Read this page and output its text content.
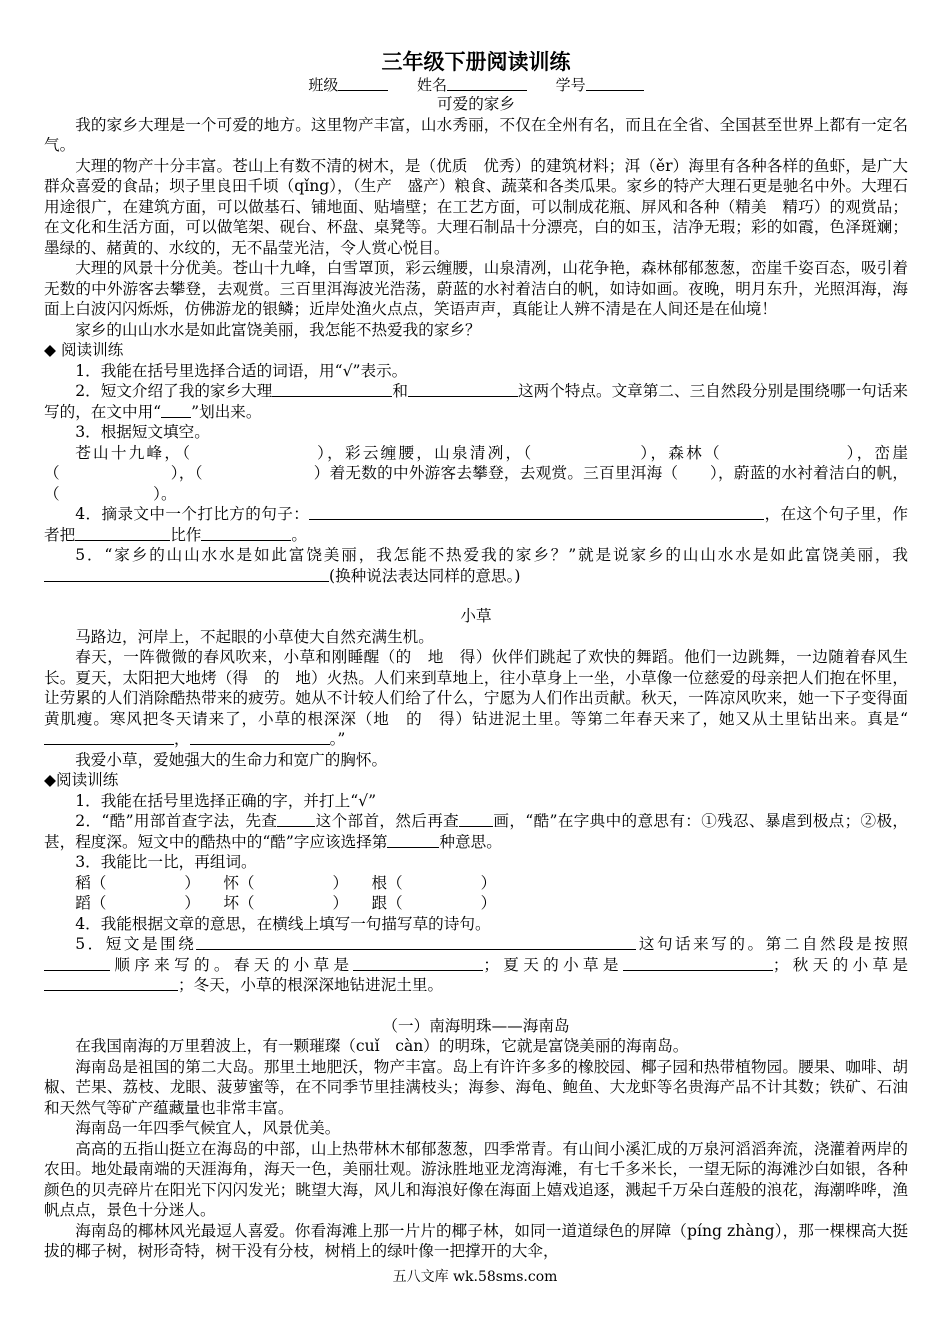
三年级下册阅读训练

班级	姓名	学号

可爱的家乡

我的家乡大理是一个可爱的地方。这里物产丰富，山水秀丽，不仅在全州有名，而且在全省、全国甚至世界上都有一定名气。

大理的物产十分丰富。苍山上有数不清的树木，是（优质　优秀）的建筑材料；洱（ěr）海里有各种各样的鱼虾，是广大群众喜爱的食品；坝子里良田千顷（qǐng），（生产　盛产）粮食、蔬菜和各类瓜果。家乡的特产大理石更是驰名中外。大理石用途很广，在建筑方面，可以做基石、铺地面、贴墙壁；在工艺方面，可以制成花瓶、屏风和各种（精美　精巧）的观赏品；在文化和生活方面，可以做笔架、砚台、杯盘、桌凳等。大理石制品十分漂亮，白的如玉，洁净无瑕；彩的如霞，色泽斑斓；墨绿的、赭黄的、水纹的，无不晶莹光洁，令人赏心悦目。

大理的风景十分优美。苍山十九峰，白雪罩顶，彩云缠腰，山泉清冽，山花争艳，森林郁郁葱葱，峦崖千姿百态，吸引着无数的中外游客去攀登，去观赏。三百里洱海波光浩荡，蔚蓝的水衬着洁白的帆，如诗如画。夜晚，明月东升，光照洱海，海面上白波闪闪烁烁，仿佛游龙的银鳞；近岸处渔火点点，笑语声声，真能让人辨不清是在人间还是在仙境！

家乡的山山水水是如此富饶美丽，我怎能不热爱我的家乡？

◆ 阅读训练

1．我能在括号里选择合适的词语，用“√”表示。

2．短文介绍了我的家乡大理	和	这两个特点。文章第二、三自然段分别是围绕哪一句话来写的，在文中用“ ”划出来。

3．根据短文填空。

苍山十九峰，（　　　　　　　），彩云缠腰，山泉清冽，（　　　　　　），森林（　　　　　　　），峦崖（　　　　　　　），（　　　　　　　）着无数的中外游客去攀登，去观赏。三百里洱海（　　），蔚蓝的水衬着洁白的帆，（　　　　　　）。

4．摘录文中一个打比方的句子：	，在这个句子里，作者把	比作	。

5．“家乡的山山水水是如此富饶美丽，我怎能不热爱我的家乡？”就是说家乡的山山水水是如此富饶美丽，我(换种说法表达同样的意思。)

小草

马路边，河岸上，不起眼的小草使大自然充满生机。

春天，一阵微微的春风吹来，小草和刚睡醒（的　地　得）伙伴们跳起了欢快的舞蹈。他们一边跳舞，一边随着春风生长。夏天，太阳把大地烤（得　的　地）火热。人们来到草地上，往小草身上一坐，小草像一位慈爱的母亲把人们抱在怀里，让劳累的人们消除酷热带来的疲劳。她从不计较人们给了什么，宁愿为人们作出贡献。秋天，一阵凉风吹来，她一下子变得面黄肌瘦。寒风把冬天请来了，小草的根深深（地　的　得）钻进泥土里。等第二年春天来了，她又从土里钻出来。真是“，	。”

我爱小草，爱她强大的生命力和宽广的胸怀。

◆阅读训练

1．我能在括号里选择正确的字，并打上“√”

2．“酷”用部首查字法，先查 这个部首，然后再查 画，“酷”在字典中的意思有：①残忍、暴虐到极点；②极，甚，程度深。短文中的酷热中的“酷”字应该选择第	种意思。

3．我能比一比，再组词。

稻（　　　　　）　　怀（　　　　　）　　根（　　　　　）

蹈（　　　　　）　　坏（　　　　　）　　跟（　　　　　）

4．我能根据文章的意思，在横线上填写一句描写草的诗句。

5．短文是围绕	这句话来写的。第二自然段是按照顺序来写的。春天的小草是	；夏天的小草是	；秋天的小草是；冬天，小草的根深深地钻进泥土里。

（一）南海明珠——海南岛

在我国南海的万里碧波上，有一颗璀璨（cuǐ　càn）的明珠，它就是富饶美丽的海南岛。

海南岛是祖国的第二大岛。那里土地肥沃，物产丰富。岛上有许许多多的橡胶园、椰子园和热带植物园。腰果、咖啡、胡椒、芒果、荔枝、龙眼、菠萝蜜等，在不同季节里挂满枝头；海参、海龟、鲍鱼、大龙虾等名贵海产品不计其数；铁矿、石油和天然气等矿产蕴藏量也非常丰富。

海南岛一年四季气候宜人，风景优美。

高高的五指山挺立在海岛的中部，山上热带林木郁郁葱葱，四季常青。有山间小溪汇成的万泉河滔滔奔流，浇灌着两岸的农田。地处最南端的天涯海角，海天一色，美丽壮观。游泳胜地亚龙湾海滩，有七千多米长，一望无际的海滩沙白如银，各种颜色的贝壳碎片在阳光下闪闪发光；眺望大海，风儿和海浪好像在海面上嬉戏追逐，溅起千万朵白莲般的浪花，海潮哗哗，渔帆点点，景色十分迷人。

海南岛的椰林风光最逗人喜爱。你看海滩上那一片片的椰子林，如同一道道绿色的屏障（píng zhàng），那一棵棵高大挺拔的椰子树，树形奇特，树干没有分枝，树梢上的绿叶像一把撑开的大伞，

五八文库 wk.58sms.com
